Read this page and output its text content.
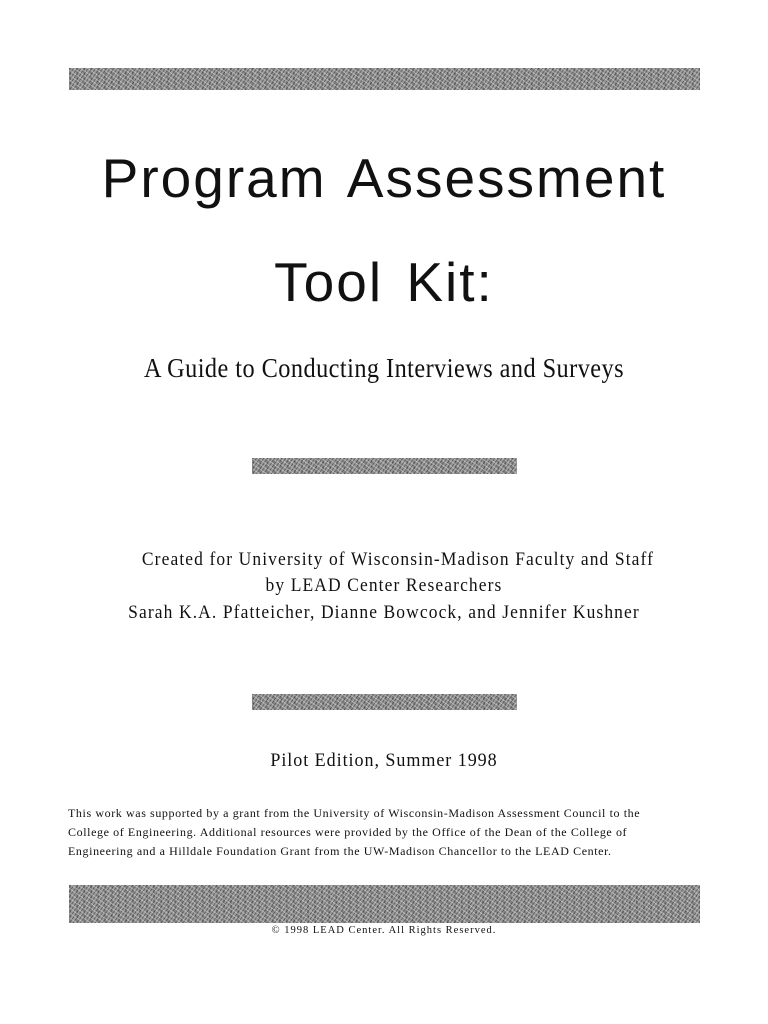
Program Assessment
Tool Kit:

A Guide to Conducting Interviews and Surveys

Created for University of Wisconsin-Madison Faculty and Staff

by LEAD Center Researchers

Sarah K.A. Pfatteicher, Dianne Bowcock, and Jennifer Kushner

Pilot Edition, Summer 1998

This work was supported by a grant from the University of Wisconsin-Madison Assessment Council to the

College of Engineering. Additional resources were provided by the Office of the Dean of the College of

Engineering and a Hilldale Foundation Grant from the UW-Madison Chancellor to the LEAD Center.

© 1998 LEAD Center. All Rights Reserved.
